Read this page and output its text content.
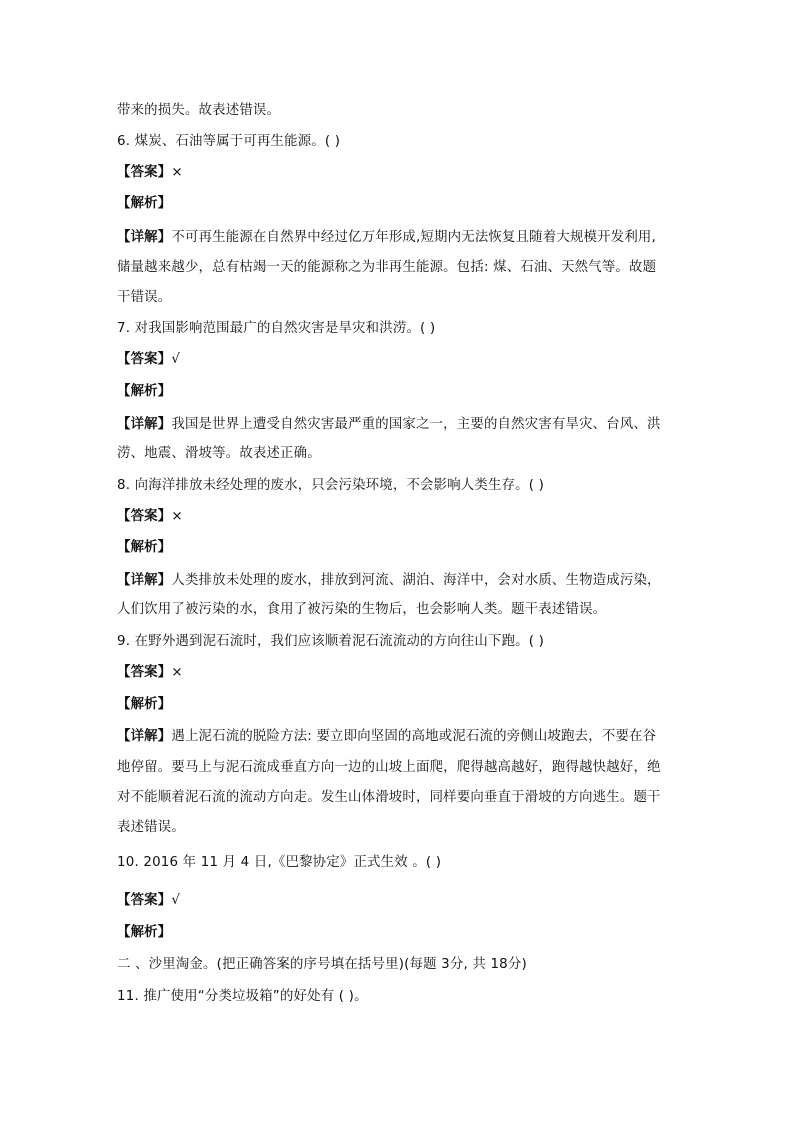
带来的损失。故表述错误。
6. 煤炭、石油等属于可再生能源。( )
【答案】×
【解析】
【详解】不可再生能源在自然界中经过亿万年形成,短期内无法恢复且随着大规模开发利用,
储量越来越少，总有枯竭一天的能源称之为非再生能源。包括: 煤、石油、天然气等。故题
干错误。
7. 对我国影响范围最广的自然灾害是旱灾和洪涝。( )
【答案】√
【解析】
【详解】我国是世界上遭受自然灾害最严重的国家之一，主要的自然灾害有旱灾、台风、洪
涝、地震、滑坡等。故表述正确。
8. 向海洋排放未经处理的废水，只会污染环境，不会影响人类生存。( )
【答案】×
【解析】
【详解】人类排放未处理的废水，排放到河流、湖泊、海洋中，会对水质、生物造成污染，
人们饮用了被污染的水，食用了被污染的生物后，也会影响人类。题干表述错误。
9. 在野外遇到泥石流时，我们应该顺着泥石流流动的方向往山下跑。( )
【答案】×
【解析】
【详解】遇上泥石流的脱险方法: 要立即向坚固的高地或泥石流的旁侧山坡跑去，不要在谷
地停留。要马上与泥石流成垂直方向一边的山坡上面爬，爬得越高越好，跑得越快越好，绝
对不能顺着泥石流的流动方向走。发生山体滑坡时，同样要向垂直于滑坡的方向逃生。题干
表述错误。
10. 2016 年 11 月 4 日,《巴黎协定》正式生效 。( )
【答案】√
【解析】
二 、沙里淘金。(把正确答案的序号填在括号里)(每题 3分, 共 18分)
11. 推广使用“分类垃圾箱”的好处有 ( )。
